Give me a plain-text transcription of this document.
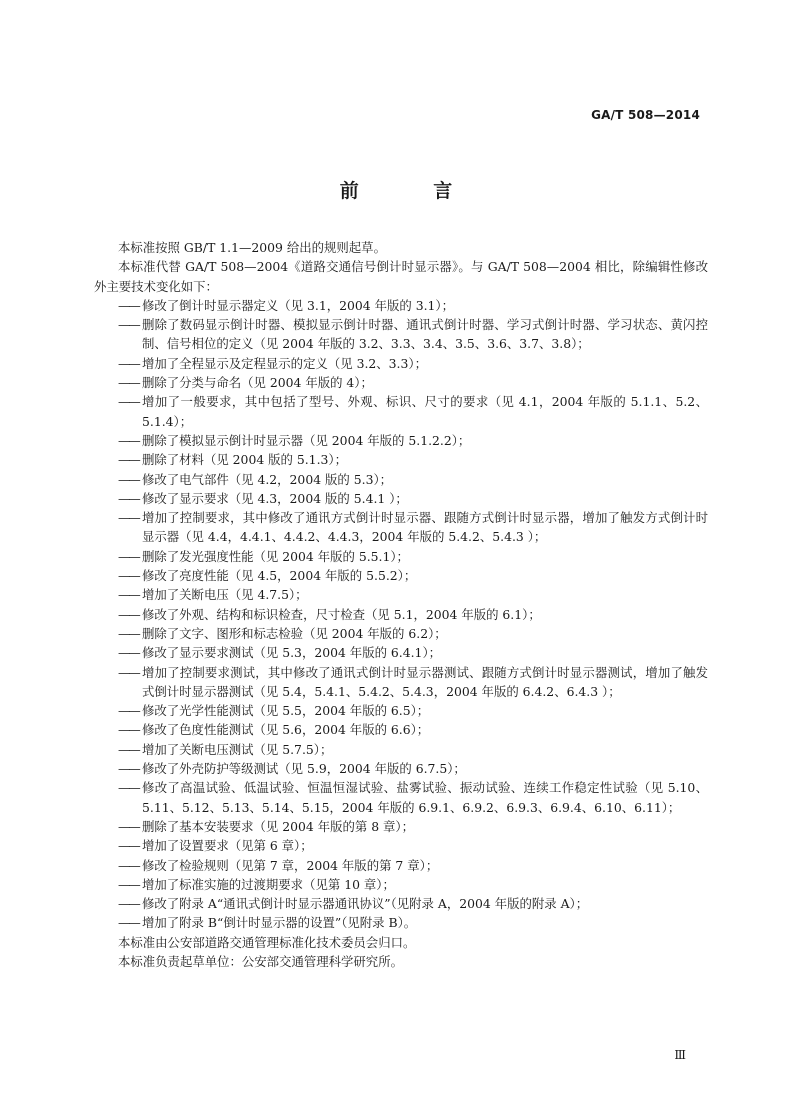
GA/T 508—2014
前 言

本标准按照 GB/T 1.1—2009 给出的规则起草。

本标准代替 GA/T 508—2004《道路交通信号倒计时显示器》。与 GA/T 508—2004 相比，除编辑性修改外主要技术变化如下：

—— 修改了倒计时显示器定义（见 3.1，2004 年版的 3.1）；

—— 删除了数码显示倒计时器、模拟显示倒计时器、通讯式倒计时器、学习式倒计时器、学习状态、黄闪控制、信号相位的定义（见 2004 年版的 3.2、3.3、3.4、3.5、3.6、3.7、3.8）；

—— 增加了全程显示及定程显示的定义（见 3.2、3.3）；

—— 删除了分类与命名（见 2004 年版的 4）；

—— 增加了一般要求，其中包括了型号、外观、标识、尺寸的要求（见 4.1，2004 年版的 5.1.1、5.2、5.1.4）；

—— 删除了模拟显示倒计时显示器（见 2004 年版的 5.1.2.2）；

—— 删除了材料（见 2004 版的 5.1.3）；

—— 修改了电气部件（见 4.2，2004 版的 5.3）；

—— 修改了显示要求（见 4.3，2004 版的 5.4.1 ）；

—— 增加了控制要求，其中修改了通讯方式倒计时显示器、跟随方式倒计时显示器，增加了触发方式倒计时显示器（见 4.4，4.4.1、4.4.2、4.4.3，2004 年版的 5.4.2、5.4.3 ）；

—— 删除了发光强度性能（见 2004 年版的 5.5.1）；

—— 修改了亮度性能（见 4.5，2004 年版的 5.5.2）；

—— 增加了关断电压（见 4.7.5）；

—— 修改了外观、结构和标识检查，尺寸检查（见 5.1，2004 年版的 6.1）；

—— 删除了文字、图形和标志检验（见 2004 年版的 6.2）；

—— 修改了显示要求测试（见 5.3，2004 年版的 6.4.1）；

—— 增加了控制要求测试，其中修改了通讯式倒计时显示器测试、跟随方式倒计时显示器测试，增加了触发式倒计时显示器测试（见 5.4，5.4.1、5.4.2、5.4.3，2004 年版的 6.4.2、6.4.3 ）；

—— 修改了光学性能测试（见 5.5，2004 年版的 6.5）；

—— 修改了色度性能测试（见 5.6，2004 年版的 6.6）；

—— 增加了关断电压测试（见 5.7.5）；

—— 修改了外壳防护等级测试（见 5.9，2004 年版的 6.7.5）；

—— 修改了高温试验、低温试验、恒温恒湿试验、盐雾试验、振动试验、连续工作稳定性试验（见 5.10、5.11、5.12、5.13、5.14、5.15，2004 年版的 6.9.1、6.9.2、6.9.3、6.9.4、6.10、6.11）；

—— 删除了基本安装要求（见 2004 年版的第 8 章）；

—— 增加了设置要求（见第 6 章）；

—— 修改了检验规则（见第 7 章，2004 年版的第 7 章）；

—— 增加了标准实施的过渡期要求（见第 10 章）；

—— 修改了附录 A“通讯式倒计时显示器通讯协议”（见附录 A，2004 年版的附录 A）；

—— 增加了附录 B“倒计时显示器的设置”（见附录 B）。

本标准由公安部道路交通管理标准化技术委员会归口。

本标准负责起草单位：公安部交通管理科学研究所。

Ⅲ
